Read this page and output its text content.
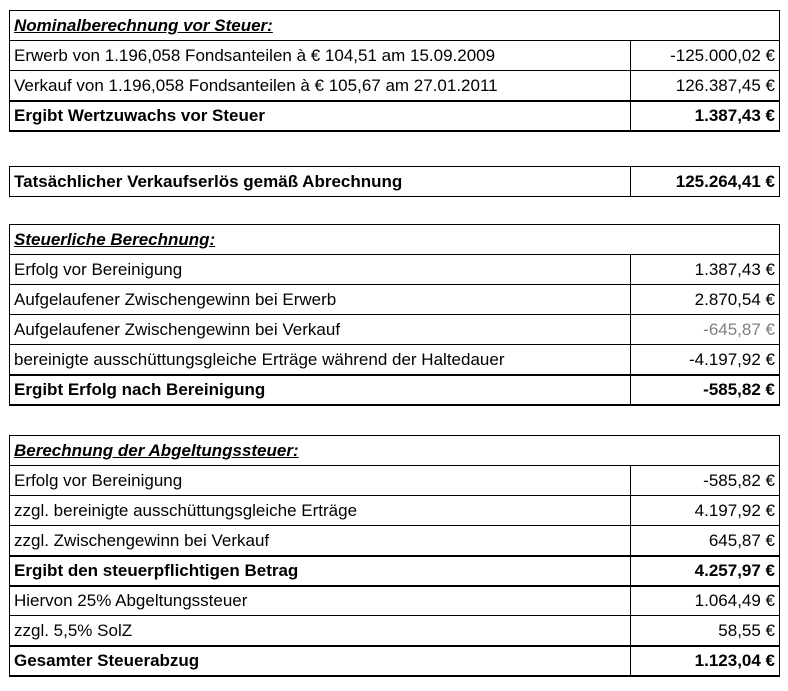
Nominalberechnung vor Steuer:	
Erwerb von 1.196,058 Fondsanteilen à € 104,51 am 15.09.2009	-125.000,02 €
Verkauf von 1.196,058 Fondsanteilen à € 105,67 am 27.01.2011	126.387,45 €
Ergibt Wertzuwachs vor Steuer	1.387,43 €
Tatsächlicher Verkaufserlös gemäß Abrechnung	125.264,41 €
Steuerliche Berechnung:	
Erfolg vor Bereinigung	1.387,43 €
Aufgelaufener Zwischengewinn bei Erwerb	2.870,54 €
Aufgelaufener Zwischengewinn bei Verkauf	-645,87 €
bereinigte ausschüttungsgleiche Erträge während der Haltedauer	-4.197,92 €
Ergibt Erfolg nach Bereinigung	-585,82 €
Berechnung der Abgeltungssteuer:	
Erfolg vor Bereinigung	-585,82 €
zzgl. bereinigte ausschüttungsgleiche Erträge	4.197,92 €
zzgl. Zwischengewinn bei Verkauf	645,87 €
Ergibt den steuerpflichtigen Betrag	4.257,97 €
Hiervon 25% Abgeltungssteuer	1.064,49 €
zzgl. 5,5% SolZ	58,55 €
Gesamter Steuerabzug	1.123,04 €
